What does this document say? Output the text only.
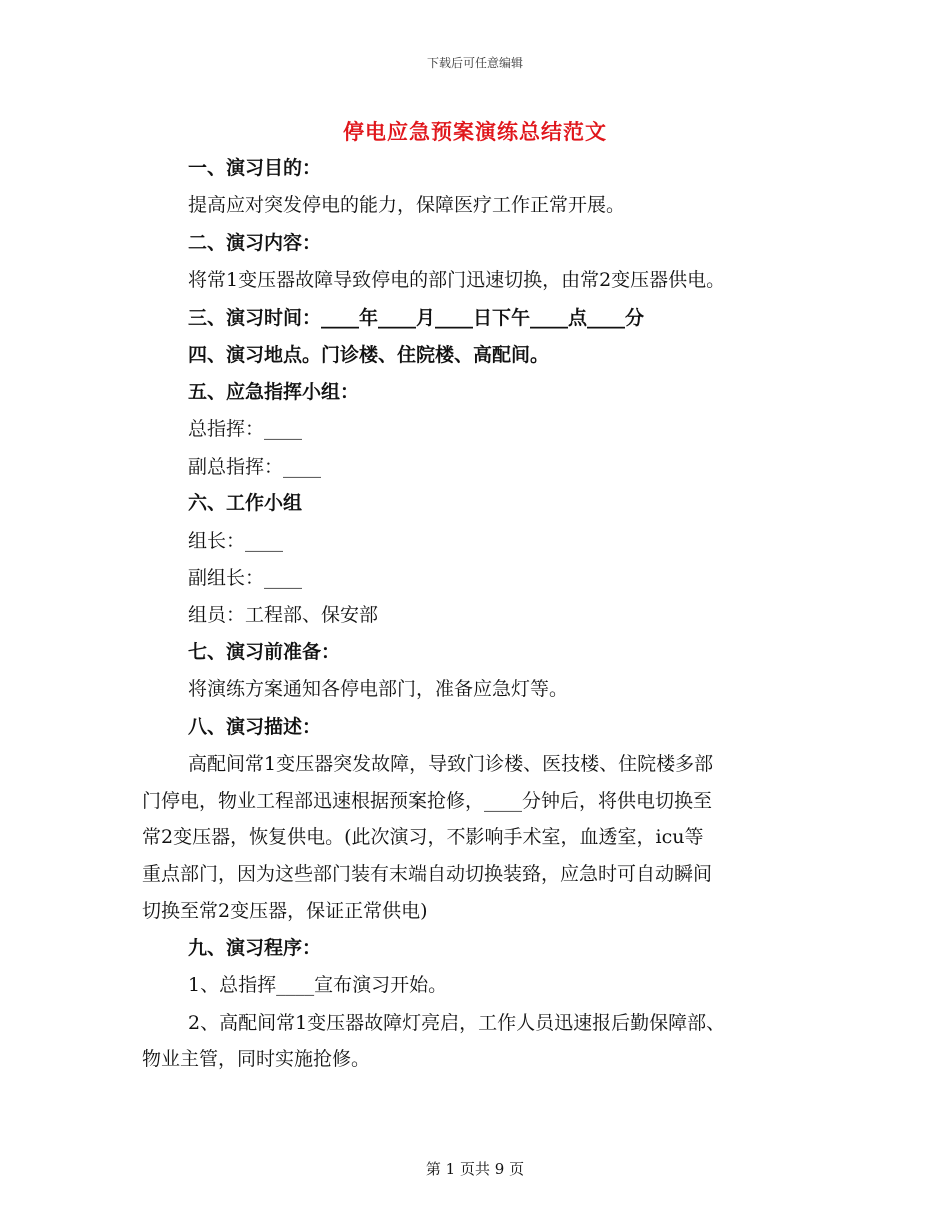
下载后可任意编辑
停电应急预案演练总结范文
一、演习目的：
提高应对突发停电的能力，保障医疗工作正常开展。
二、演习内容：
将常1变压器故障导致停电的部门迅速切换，由常2变压器供电。
三、演习时间：____年____月____日下午____点____分
四、演习地点。门诊楼、住院楼、高配间。
五、应急指挥小组：
总指挥：____
副总指挥：____
六、工作小组
组长：____
副组长：____
组员：工程部、保安部
七、演习前准备：
将演练方案通知各停电部门，准备应急灯等。
八、演习描述：
高配间常1变压器突发故障，导致门诊楼、医技楼、住院楼多部
门停电，物业工程部迅速根据预案抢修，____分钟后，将供电切换至
常2变压器，恢复供电。(此次演习，不影响手术室，血透室，icu等
重点部门，因为这些部门装有末端自动切换装臵，应急时可自动瞬间
切换至常2变压器，保证正常供电)
九、演习程序：
1、总指挥____宣布演习开始。
2、高配间常1变压器故障灯亮启，工作人员迅速报后勤保障部、
物业主管，同时实施抢修。
第 1 页共 9 页
